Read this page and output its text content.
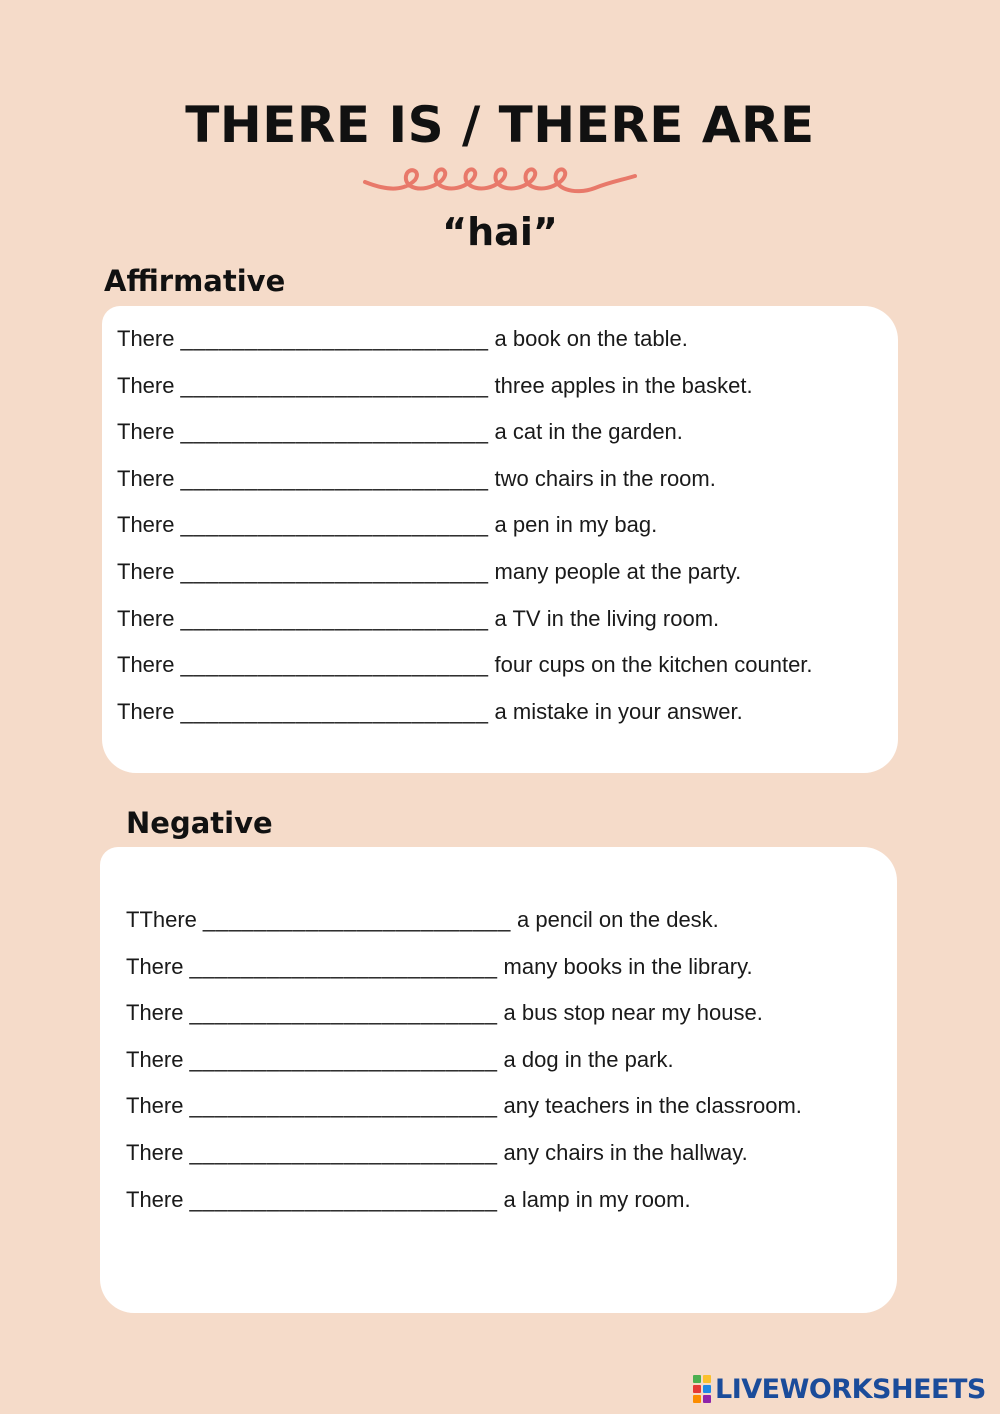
THERE IS / THERE ARE
“hai”
Affirmative
There ________________________ a book on the table.
There ________________________ three apples in the basket.
There ________________________ a cat in the garden.
There ________________________ two chairs in the room.
There ________________________ a pen in my bag.
There ________________________ many people at the party.
There ________________________ a TV in the living room.
There ________________________ four cups on the kitchen counter.
There ________________________ a mistake in your answer.
Negative
TThere ________________________ a pencil on the desk.
There ________________________ many books in the library.
There ________________________ a bus stop near my house.
There ________________________ a dog in the park.
There ________________________ any teachers in the classroom.
There ________________________ any chairs in the hallway.
There ________________________ a lamp in my room.
LIVEWORKSHEETS
